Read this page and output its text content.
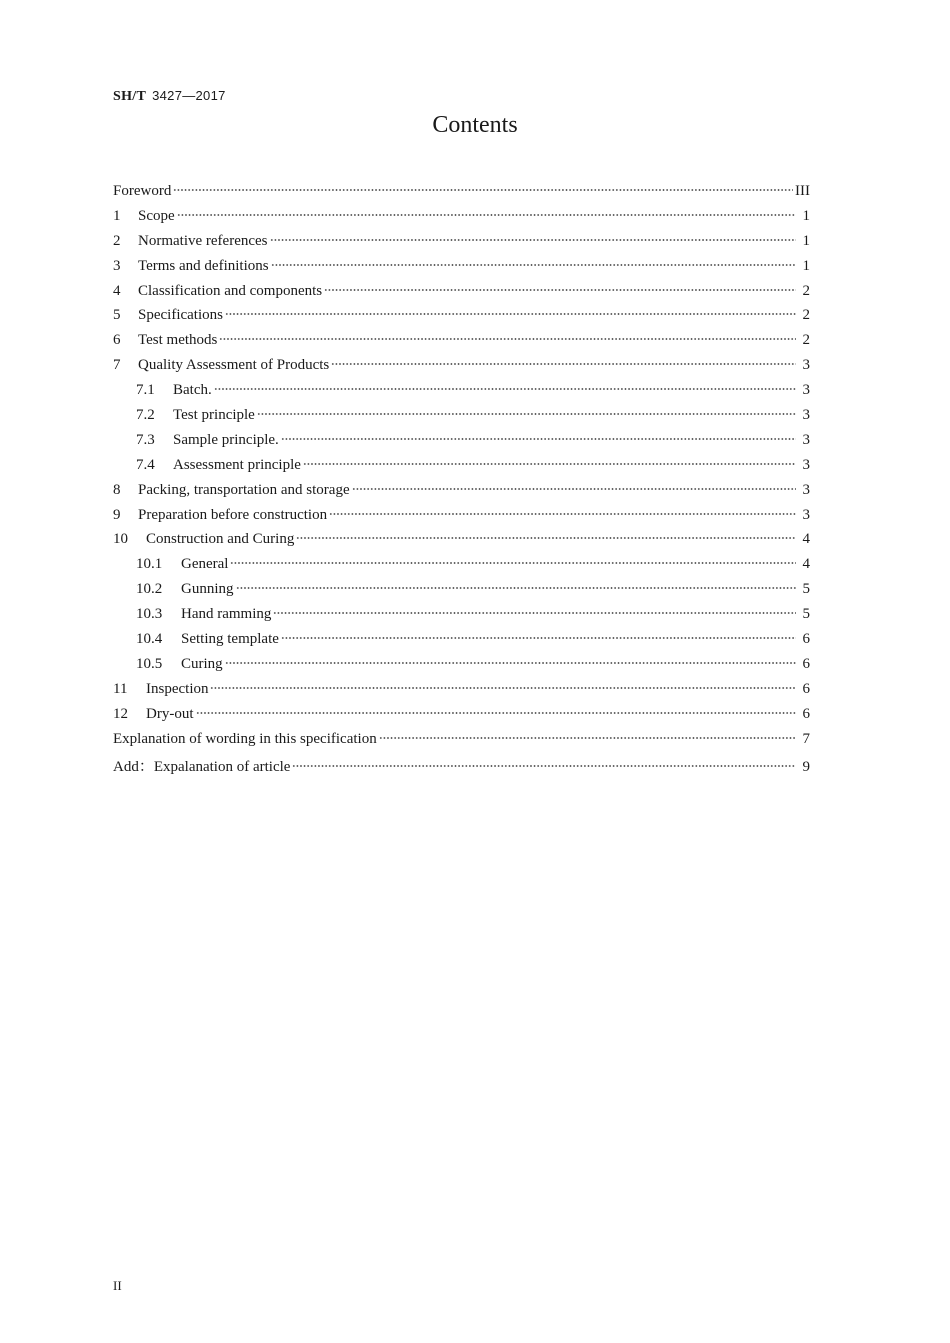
SH/T 3427—2017
Contents
Foreword	III
1	Scope	1
2	Normative references	1
3	Terms and definitions	1
4	Classification and components	2
5	Specifications	2
6	Test methods	2
7	Quality Assessment of Products	3
7.1	Batch.	3
7.2	Test principle	3
7.3	Sample principle.	3
7.4	Assessment principle	3
8	Packing, transportation and storage	3
9	Preparation before construction	3
10	Construction and Curing	4
10.1	General	4
10.2	Gunning	5
10.3	Hand ramming	5
10.4	Setting template	6
10.5	Curing	6
11	Inspection	6
12	Dry-out	6
Explanation of wording in this specification	7
Add：Expalanation of article	9
II
